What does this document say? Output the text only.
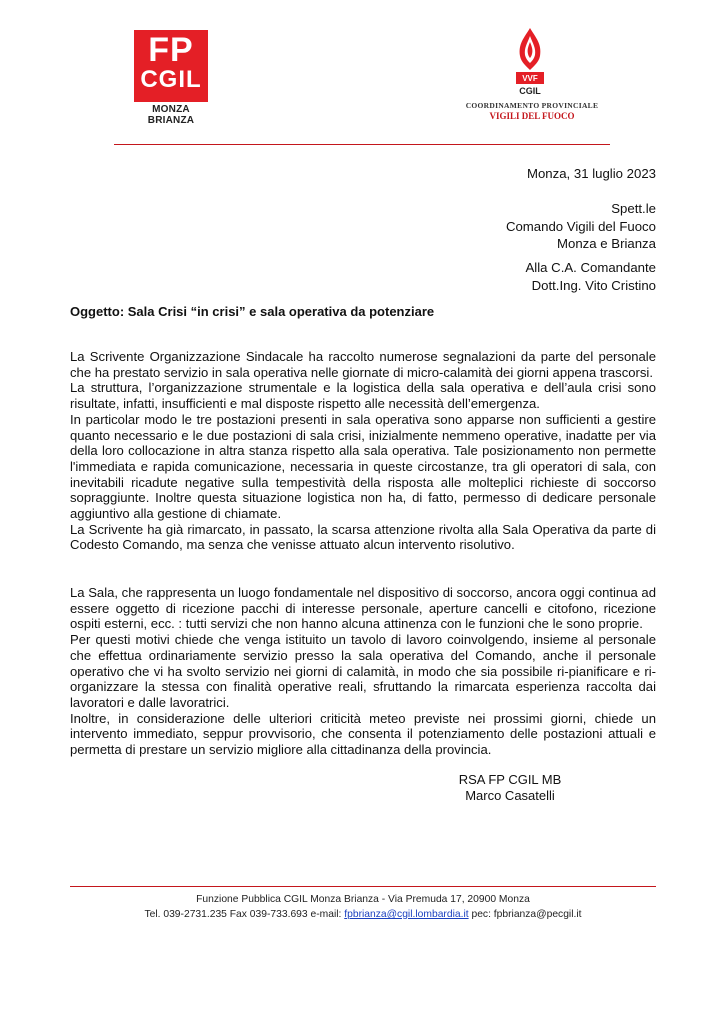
FP
CGIL
MONZA BRIANZA
VVF
CGIL
COORDINAMENTO PROVINCIALE
VIGILI DEL FUOCO
Monza, 31 luglio 2023
Spett.le
Comando Vigili del Fuoco
Monza e Brianza
Alla C.A. Comandante
Dott.Ing. Vito Cristino
Oggetto: Sala Crisi “in crisi” e sala operativa da potenziare

La Scrivente Organizzazione Sindacale ha raccolto numerose segnalazioni da parte del personale che ha prestato servizio in sala operativa nelle giornate di micro-calamità dei giorni appena trascorsi.

La struttura, l’organizzazione strumentale e la logistica della sala operativa e dell’aula crisi sono risultate, infatti, insufficienti e mal disposte rispetto alle necessità dell’emergenza.

In particolar modo le tre postazioni presenti in sala operativa sono apparse non sufficienti a gestire quanto necessario e le due postazioni di sala crisi, inizialmente nemmeno operative, inadatte per via della loro collocazione in altra stanza rispetto alla sala operativa. Tale posizionamento non permette l'immediata e rapida comunicazione, necessaria in queste circostanze, tra gli operatori di sala, con inevitabili ricadute negative sulla tempestività della risposta alle molteplici richieste di soccorso sopraggiunte. Inoltre questa situazione logistica non ha, di fatto, permesso di dedicare personale aggiuntivo alla gestione di chiamate.

La Scrivente ha già rimarcato, in passato, la scarsa attenzione rivolta alla Sala Operativa da parte di Codesto Comando, ma senza che venisse attuato alcun intervento risolutivo.

La Sala, che rappresenta un luogo fondamentale nel dispositivo di soccorso, ancora oggi continua ad essere oggetto di ricezione pacchi di interesse personale, aperture cancelli e citofono, ricezione ospiti esterni, ecc. : tutti servizi che non hanno alcuna attinenza con le funzioni che le sono proprie.

Per questi motivi chiede che venga istituito un tavolo di lavoro coinvolgendo, insieme al personale che effettua ordinariamente servizio presso la sala operativa del Comando, anche il personale operativo che vi ha svolto servizio nei giorni di calamità, in modo che sia possibile ri-pianificare e ri-organizzare la stessa con finalità operative reali, sfruttando la rimarcata esperienza raccolta dai lavoratori e dalle lavoratrici.

Inoltre, in considerazione delle ulteriori criticità meteo previste nei prossimi giorni, chiede un intervento immediato, seppur provvisorio, che consenta il potenziamento delle postazioni attuali e permetta di prestare un servizio migliore alla cittadinanza della provincia.

RSA FP CGIL MB
Marco Casatelli
Funzione Pubblica CGIL Monza Brianza - Via Premuda 17, 20900 Monza
Tel. 039-2731.235 Fax 039-733.693 e-mail: fpbrianza@cgil.lombardia.it pec: fpbrianza@pecgil.it
